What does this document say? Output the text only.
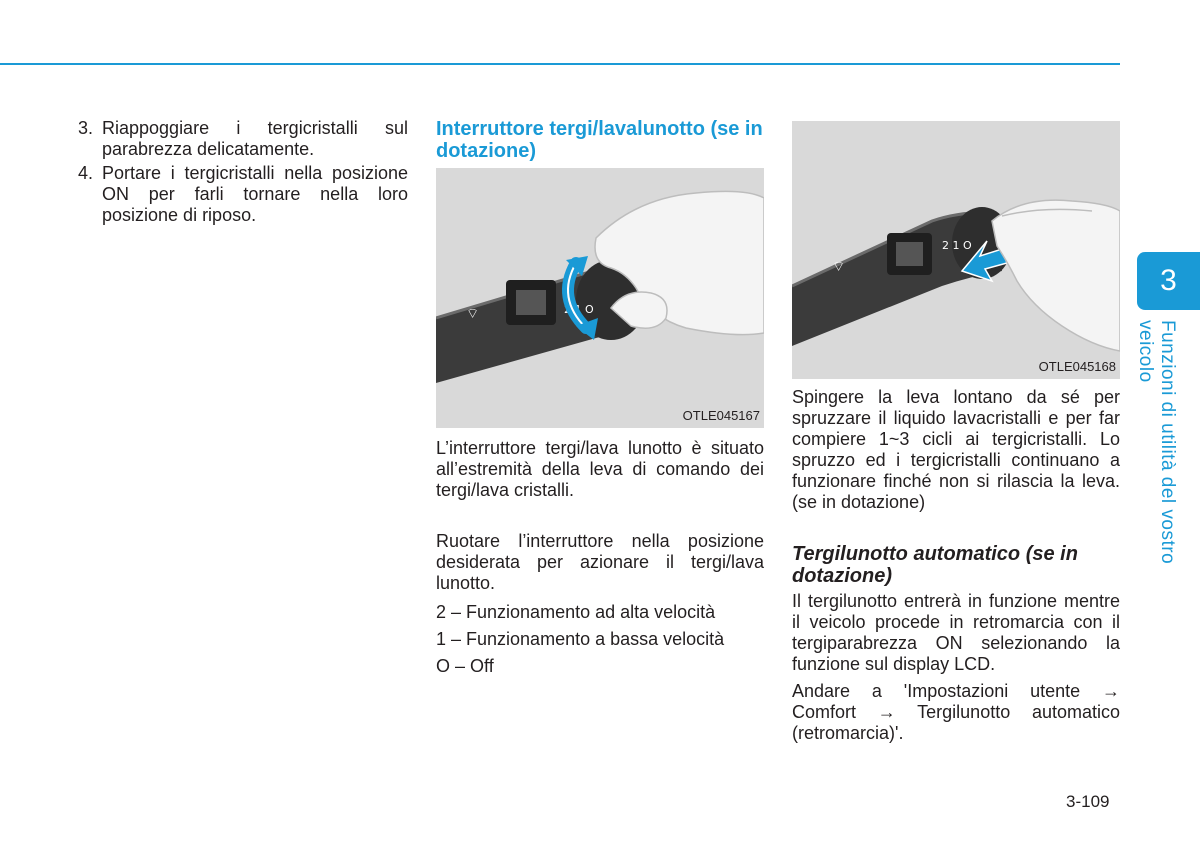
3. Riappoggiare i tergicristalli sul parabrezza delicatamente.
4. Portare i tergicristalli nella posizione ON per farli tornare nella loro posizione di riposo.
Interruttore tergi/lavalunotto (se in dotazione)
⌔	2 1 O
OTLE045167

L’interruttore tergi/lava lunotto è situato all’estremità della leva di comando dei tergi/lava cristalli.

Ruotare l’interruttore nella posizione desiderata per azionare il tergi/lava lunotto.

2 – Funzionamento ad alta velocità

1 – Funzionamento a bassa velocità

O – Off

⌔
2 1 O
OTLE045168

Spingere la leva lontano da sé per spruzzare il liquido lavacristalli e per far compiere 1~3 cicli ai tergicristalli. Lo spruzzo ed i tergicristalli continuano a funzionare finché non si rilascia la leva. (se in dotazione)

Tergilunotto automatico (se in dotazione)

Il tergilunotto entrerà in funzione mentre il veicolo procede in retromarcia con il tergiparabrezza ON selezionando la funzione sul display LCD.

Andare a 'Impostazioni utente → Comfort → Tergilunotto automatico (retromarcia)'.

3
Funzioni di utilità del vostro veicolo
3-109
